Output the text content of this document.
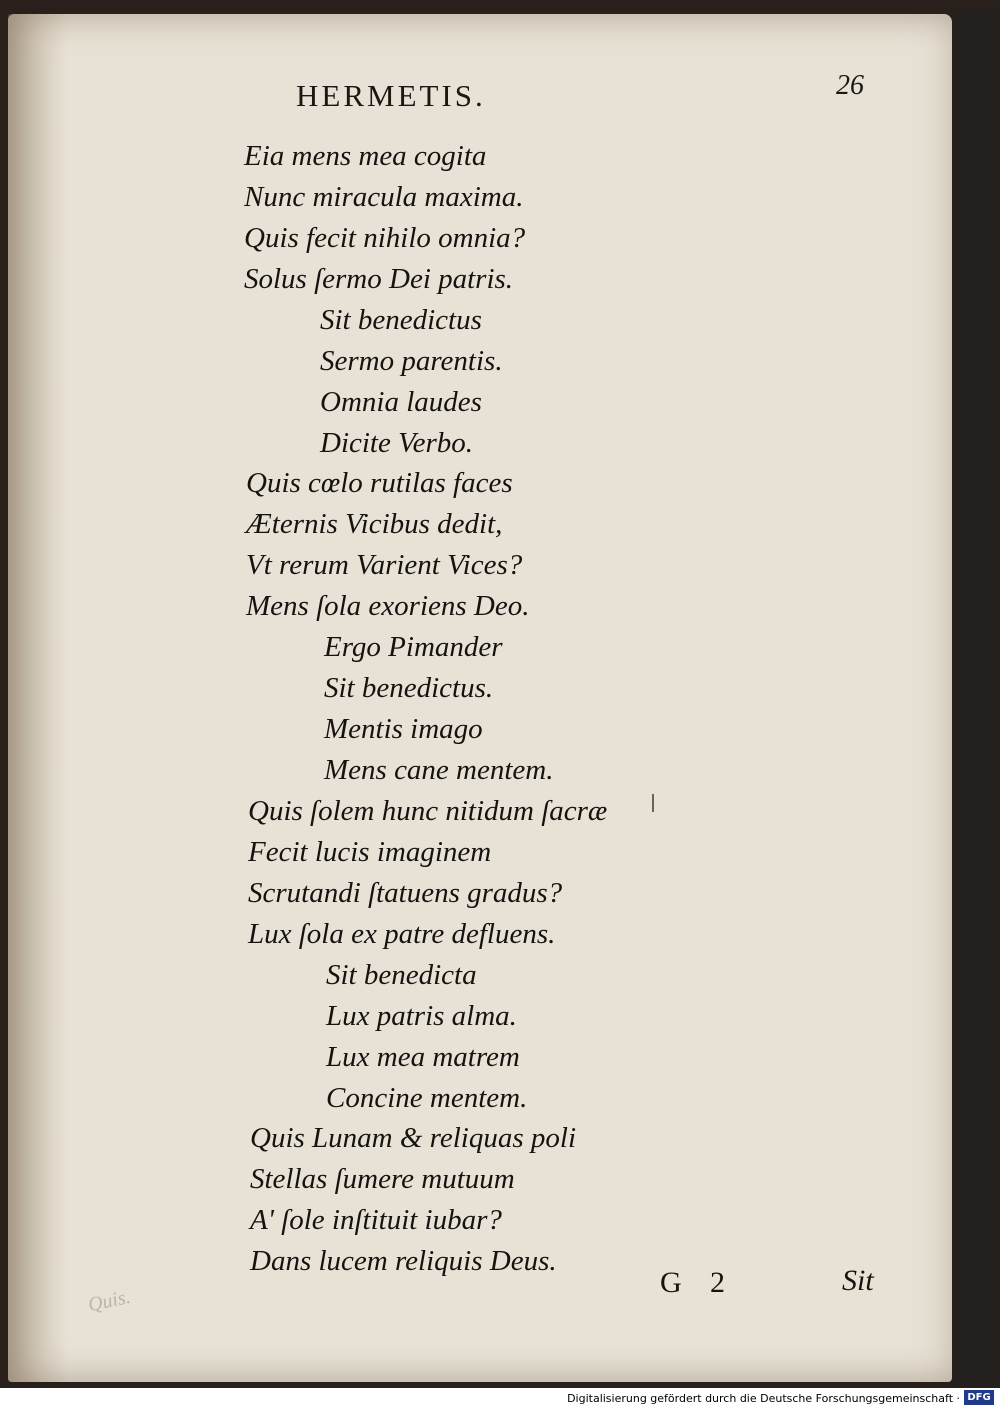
HERMETIS.	26
Eia mens mea cogita
Nunc miracula maxima.
Quis fecit nihilo omnia?
Solus ſermo Dei patris.
Sit benedictus
Sermo parentis.
Omnia laudes
Dicite Verbo.
Quis cœlo rutilas faces
Æternis Vicibus dedit,
Vt rerum Varient Vices?
Mens ſola exoriens Deo.
Ergo Pimander
Sit benedictus.
Mentis imago
Mens cane mentem.
Quis ſolem hunc nitidum ſacræ
Fecit lucis imaginem
Scrutandi ſtatuens gradus?
Lux ſola ex patre defluens.
Sit benedicta
Lux patris alma.
Lux mea matrem
Concine mentem.
Quis Lunam & reliquas poli
Stellas ſumere mutuum
A' ſole inſtituit iubar?
Dans lucem reliquis Deus.
Quis.
G 2	Sit
Digitalisierung gefördert durch die Deutsche Forschungsgemeinschaft · DFG
